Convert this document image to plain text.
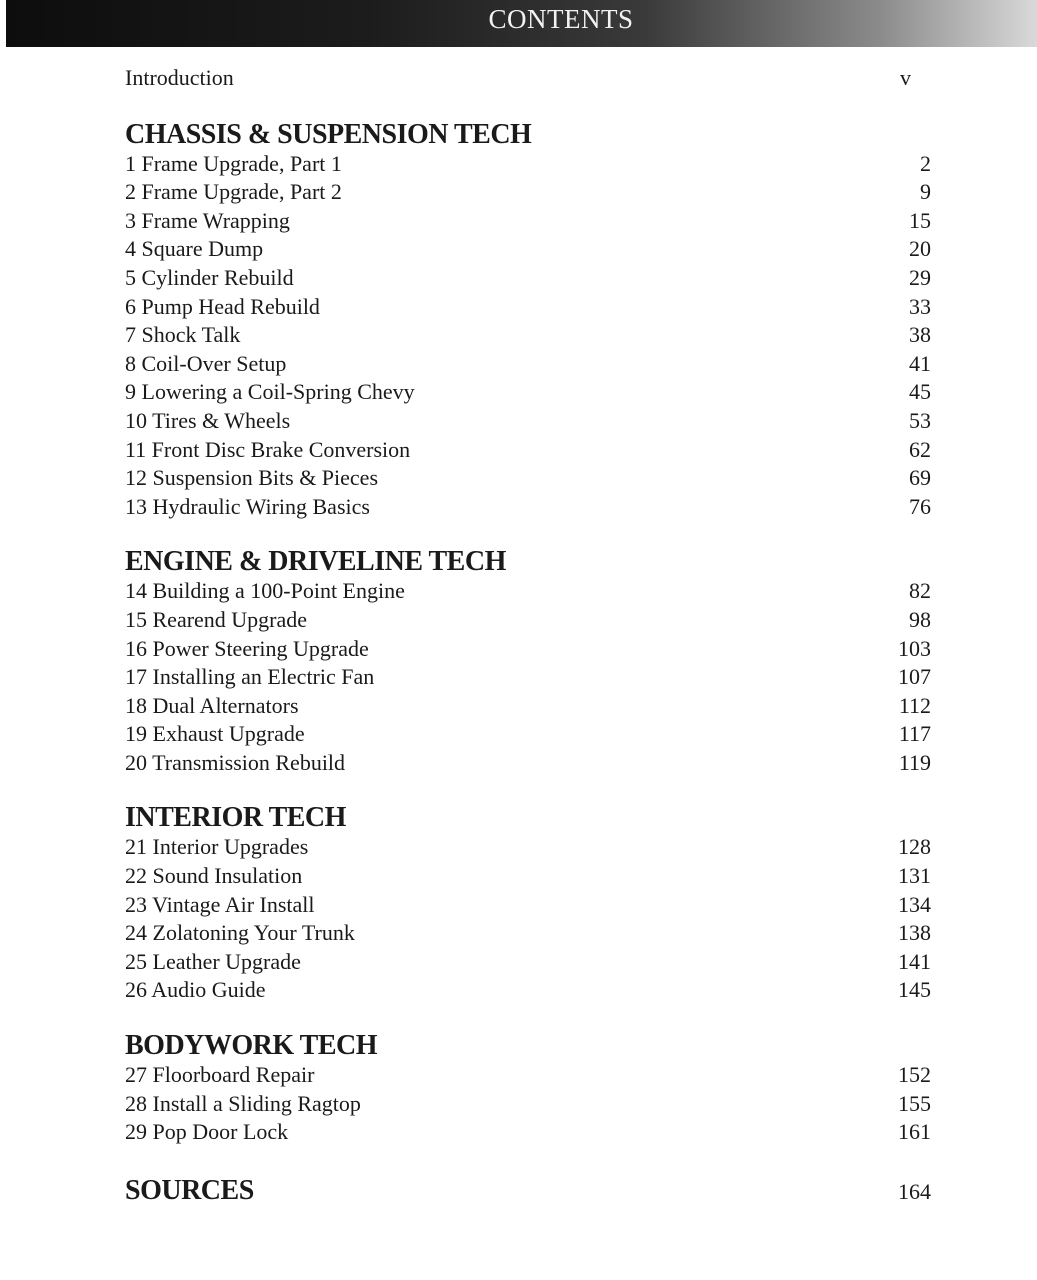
CONTENTS
Introduction	v
CHASSIS & SUSPENSION TECH
1 Frame Upgrade, Part 1	2
2 Frame Upgrade, Part 2	9
3 Frame Wrapping	15
4 Square Dump	20
5 Cylinder Rebuild	29
6 Pump Head Rebuild	33
7 Shock Talk	38
8 Coil-Over Setup	41
9 Lowering a Coil-Spring Chevy	45
10 Tires & Wheels	53
11 Front Disc Brake Conversion	62
12 Suspension Bits & Pieces	69
13 Hydraulic Wiring Basics	76
ENGINE & DRIVELINE TECH
14 Building a 100-Point Engine	82
15 Rearend Upgrade	98
16 Power Steering Upgrade	103
17 Installing an Electric Fan	107
18 Dual Alternators	112
19 Exhaust Upgrade	117
20 Transmission Rebuild	119
INTERIOR TECH
21 Interior Upgrades	128
22 Sound Insulation	131
23 Vintage Air Install	134
24 Zolatoning Your Trunk	138
25 Leather Upgrade	141
26 Audio Guide	145
BODYWORK TECH
27 Floorboard Repair	152
28 Install a Sliding Ragtop	155
29 Pop Door Lock	161
SOURCES	164
